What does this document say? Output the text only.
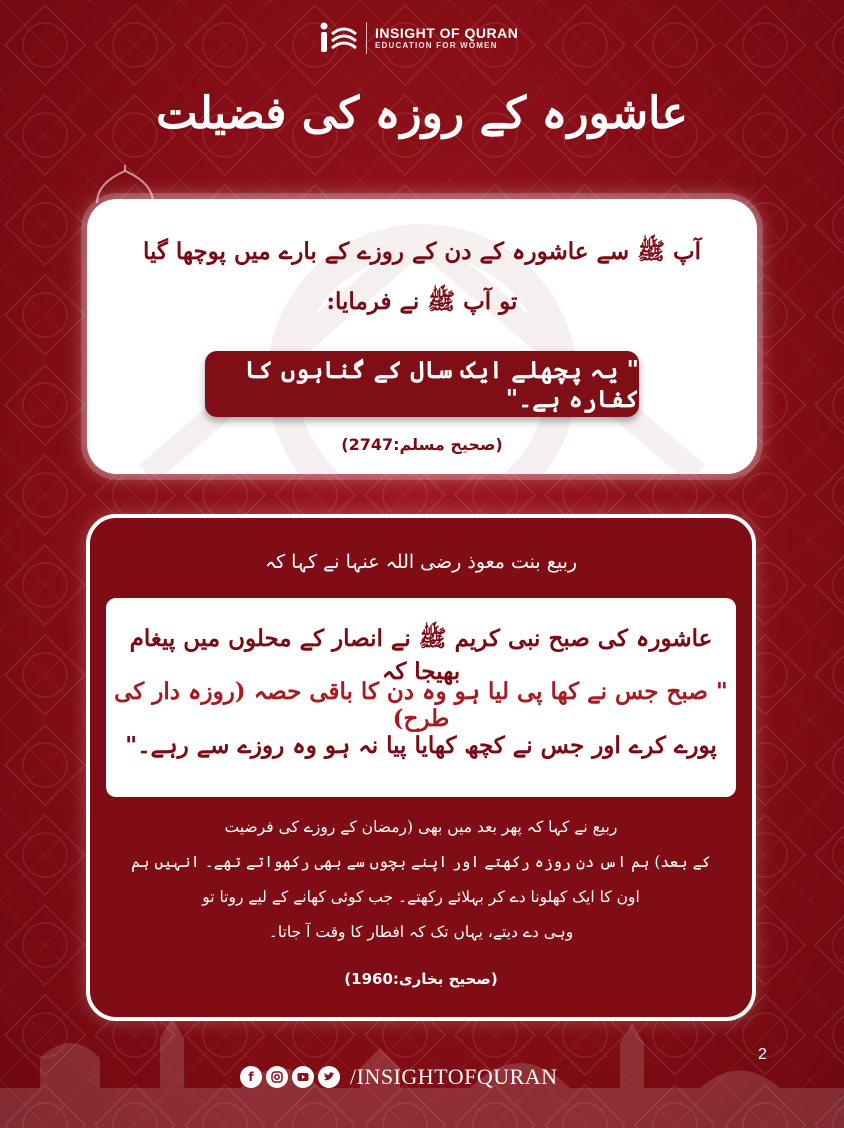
INSIGHT OF QURAN
EDUCATION FOR WOMEN
عاشورہ کے روزہ کی فضیلت
آپ ﷺ سے عاشورہ کے دن کے روزے کے بارے میں پوچھا گیا
تو آپ ﷺ نے فرمایا:
" یہ پچھلے ایک سال کے گناہوں کا کفارہ ہے۔"
(صحیح مسلم:2747)
ربیع بنت معوذ رضی اللہ عنہا نے کہا کہ
عاشورہ کی صبح نبی کریم ﷺ نے انصار کے محلوں میں پیغام بھیجا کہ
" صبح جس نے کھا پی لیا ہو وہ دن کا باقی حصہ (روزہ دار کی طرح)
پورے کرے اور جس نے کچھ کھایا پیا نہ ہو وہ روزے سے رہے۔"
ربیع نے کہا کہ پھر بعد میں بھی (رمضان کے روزے کی فرضیت
کے بعد) ہم اس دن روزہ رکھتے اور اپنے بچوں سے بھی رکھواتے تھے۔ انہیں ہم
اون کا ایک کھلونا دے کر بہلائے رکھتے۔ جب کوئی کھانے کے لیے روتا تو
وہی دے دیتے، یہاں تک کہ افطار کا وقت آ جاتا۔
(صحیح بخاری:1960)
f	/INSIGHTOFQURAN
2
